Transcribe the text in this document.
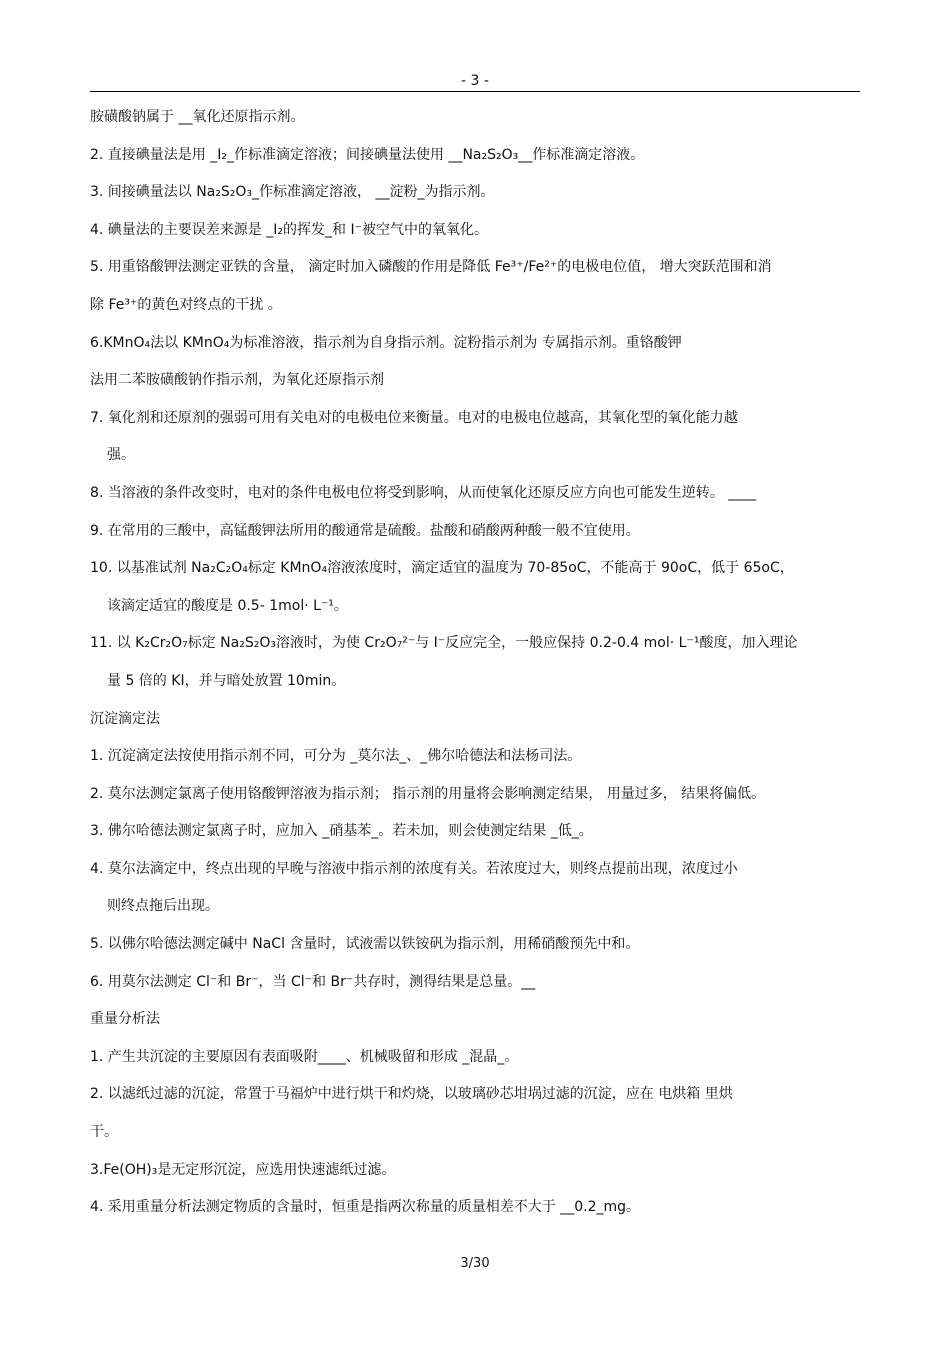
- 3 -
胺磺酸钠属于 __氧化还原指示剂。
2. 直接碘量法是用 _I₂_作标准滴定溶液；间接碘量法使用 __Na₂S₂O₃__作标准滴定溶液。
3. 间接碘量法以 Na₂S₂O₃_作标准滴定溶液， __淀粉_为指示剂。
4. 碘量法的主要误差来源是 _I₂的挥发_和 I⁻被空气中的氧氧化。
5. 用重铬酸钾法测定亚铁的含量， 滴定时加入磷酸的作用是降低 Fe³⁺/Fe²⁺的电极电位值， 增大突跃范围和消
除 Fe³⁺的黄色对终点的干扰 。
6.KMnO₄法以 KMnO₄为标准溶液，指示剂为自身指示剂。淀粉指示剂为 专属指示剂。重铬酸钾
法用二苯胺磺酸钠作指示剂，为氧化还原指示剂
7. 氧化剂和还原剂的强弱可用有关电对的电极电位来衡量。电对的电极电位越高，其氧化型的氧化能力越
强。
8. 当溶液的条件改变时，电对的条件电极电位将受到影响，从而使氧化还原反应方向也可能发生逆转。 ____
9. 在常用的三酸中，高锰酸钾法所用的酸通常是硫酸。盐酸和硝酸两种酸一般不宜使用。
10. 以基准试剂 Na₂C₂O₄标定 KMnO₄溶液浓度时，滴定适宜的温度为 70-85oC，不能高于 90oC，低于 65oC，
该滴定适宜的酸度是 0.5- 1mol· L⁻¹。
11. 以 K₂Cr₂O₇标定 Na₂S₂O₃溶液时，为使 Cr₂O₇²⁻与 I⁻反应完全，一般应保持 0.2-0.4 mol· L⁻¹酸度，加入理论
量 5 倍的 KI，并与暗处放置 10min。
沉淀滴定法
1. 沉淀滴定法按使用指示剂不同，可分为 _莫尔法_、_佛尔哈德法和法杨司法。
2. 莫尔法测定氯离子使用铬酸钾溶液为指示剂； 指示剂的用量将会影响测定结果， 用量过多， 结果将偏低。
3. 佛尔哈德法测定氯离子时，应加入 _硝基苯_。若未加，则会使测定结果 _低_。
4. 莫尔法滴定中，终点出现的早晚与溶液中指示剂的浓度有关。若浓度过大，则终点提前出现，浓度过小
则终点拖后出现。
5. 以佛尔哈德法测定碱中 NaCl 含量时，试液需以铁铵矾为指示剂，用稀硝酸预先中和。
6. 用莫尔法测定 Cl⁻和 Br⁻，当 Cl⁻和 Br⁻共存时，测得结果是总量。__
重量分析法
1. 产生共沉淀的主要原因有表面吸附____、机械吸留和形成 _混晶_。
2. 以滤纸过滤的沉淀，常置于马福炉中进行烘干和灼烧，以玻璃砂芯坩埚过滤的沉淀，应在 电烘箱 里烘
干。
3.Fe(OH)₃是无定形沉淀，应选用快速滤纸过滤。
4. 采用重量分析法测定物质的含量时，恒重是指两次称量的质量相差不大于 __0.2_mg。
3/30
